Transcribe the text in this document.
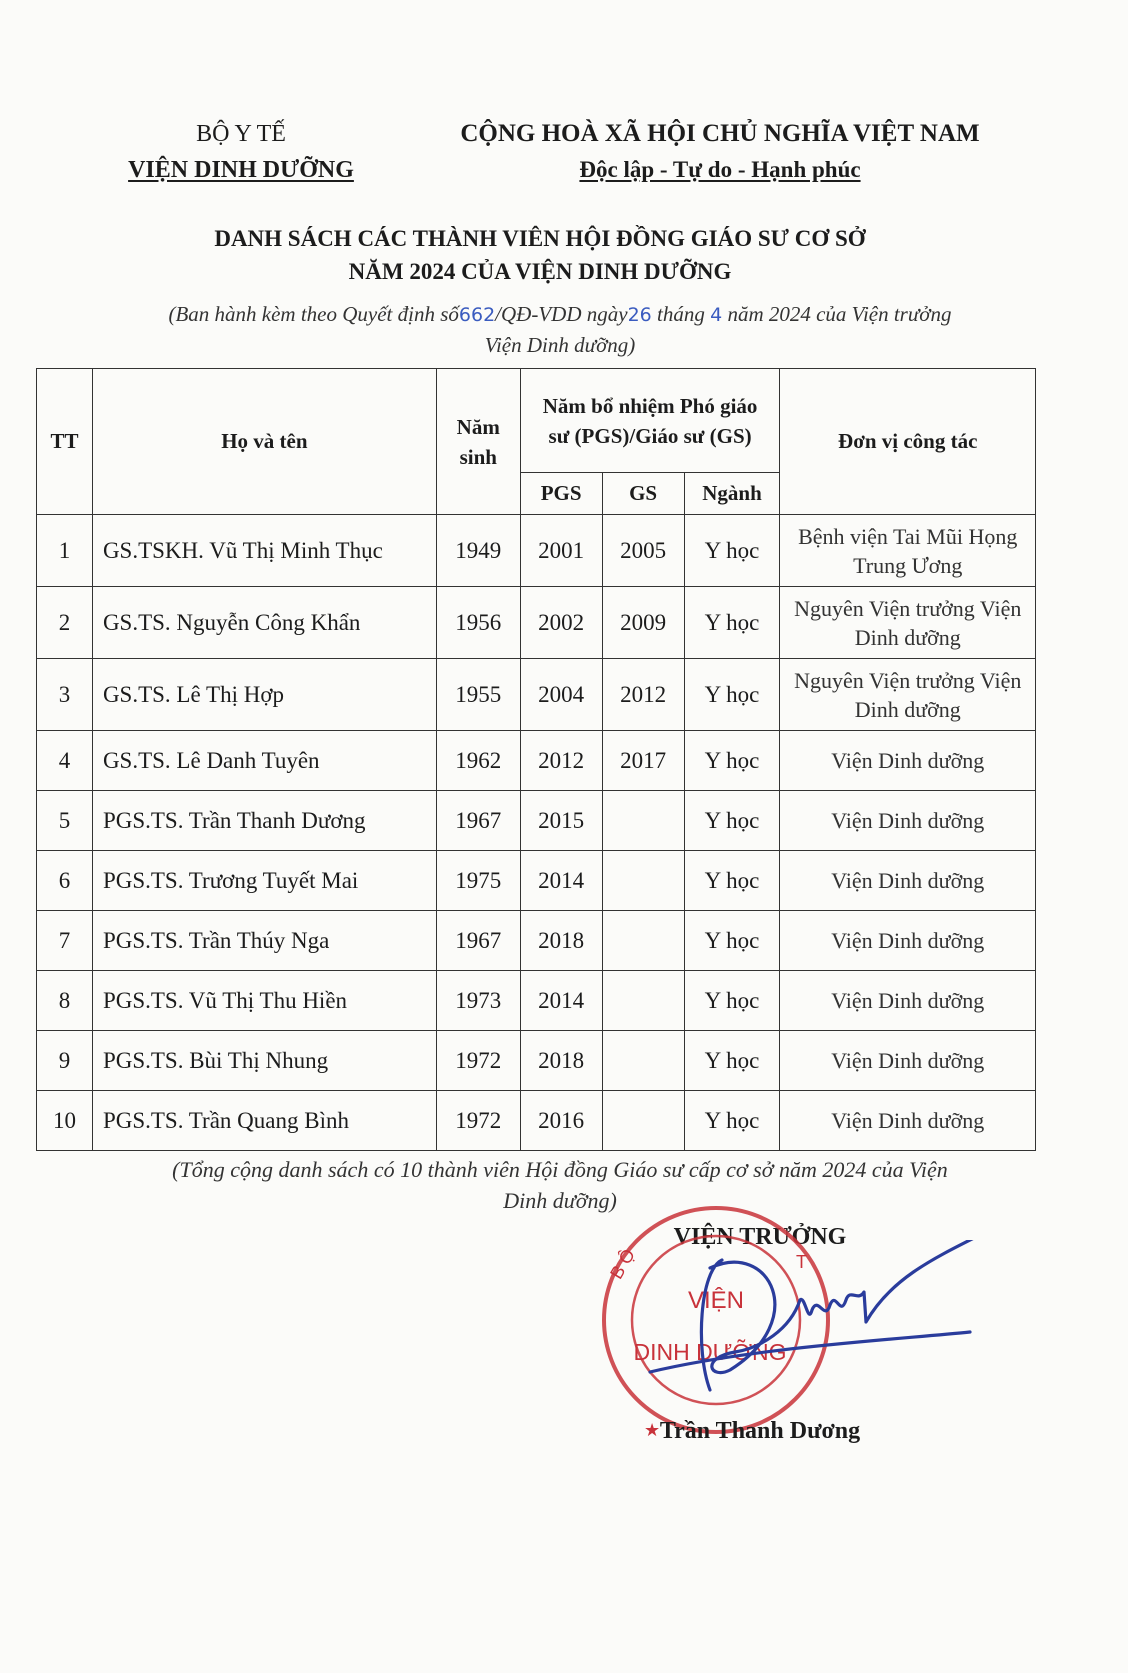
BỘ Y TẾ
VIỆN DINH DƯỠNG
CỘNG HOÀ XÃ HỘI CHỦ NGHĨA VIỆT NAM
Độc lập - Tự do - Hạnh phúc
DANH SÁCH CÁC THÀNH VIÊN HỘI ĐỒNG GIÁO SƯ CƠ SỞ
NĂM 2024 CỦA VIỆN DINH DƯỠNG
(Ban hành kèm theo Quyết định số662/QĐ-VDD ngày26 tháng 4 năm 2024 của Viện trưởng
Viện Dinh dưỡng)
TT	Họ và tên	Năm sinh	Năm bổ nhiệm Phó giáo sư (PGS)/Giáo sư (GS)			Đơn vị công tác
			PGS	GS	Ngành	
1	GS.TSKH. Vũ Thị Minh Thục	1949	2001	2005	Y học	Bệnh viện Tai Mũi Họng Trung Ương
2	GS.TS. Nguyễn Công Khẩn	1956	2002	2009	Y học	Nguyên Viện trưởng Viện Dinh dưỡng
3	GS.TS. Lê Thị Hợp	1955	2004	2012	Y học	Nguyên Viện trưởng Viện Dinh dưỡng
4	GS.TS. Lê Danh Tuyên	1962	2012	2017	Y học	Viện Dinh dưỡng
5	PGS.TS. Trần Thanh Dương	1967	2015		Y học	Viện Dinh dưỡng
6	PGS.TS. Trương Tuyết Mai	1975	2014		Y học	Viện Dinh dưỡng
7	PGS.TS. Trần Thúy Nga	1967	2018		Y học	Viện Dinh dưỡng
8	PGS.TS. Vũ Thị Thu Hiền	1973	2014		Y học	Viện Dinh dưỡng
9	PGS.TS. Bùi Thị Nhung	1972	2018		Y học	Viện Dinh dưỡng
10	PGS.TS. Trần Quang Bình	1972	2016		Y học	Viện Dinh dưỡng
(Tổng cộng danh sách có 10 thành viên Hội đồng Giáo sư cấp cơ sở năm 2024 của Viện
Dinh dưỡng)
VIỆN TRƯỞNG
B Ộ	T
VIỆN
DINH DƯỠNG
★ Trần Thanh Dương
